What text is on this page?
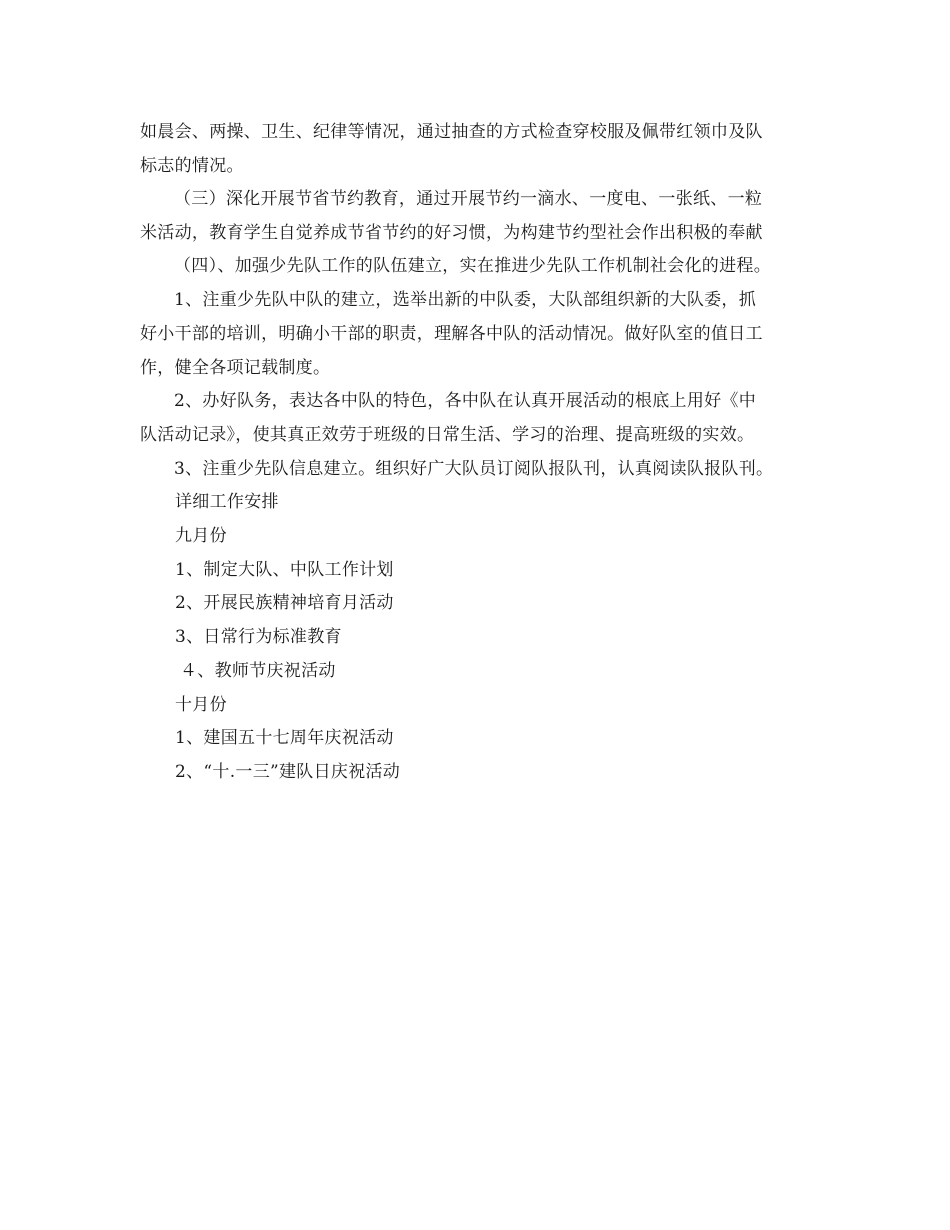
如晨会、两操、卫生、纪律等情况，通过抽查的方式检查穿校服及佩带红领巾及队
标志的情况。
（三）深化开展节省节约教育，通过开展节约一滴水、一度电、一张纸、一粒
米活动，教育学生自觉养成节省节约的好习惯，为构建节约型社会作出积极的奉献
（四）、加强少先队工作的队伍建立，实在推进少先队工作机制社会化的进程。
1、注重少先队中队的建立，选举出新的中队委，大队部组织新的大队委，抓
好小干部的培训，明确小干部的职责，理解各中队的活动情况。做好队室的值日工
作，健全各项记载制度。
2、办好队务，表达各中队的特色，各中队在认真开展活动的根底上用好《中
队活动记录》，使其真正效劳于班级的日常生活、学习的治理、提高班级的实效。
3、注重少先队信息建立。组织好广大队员订阅队报队刊，认真阅读队报队刊。
详细工作安排
九月份
1、制定大队、中队工作计划
2、开展民族精神培育月活动
3、日常行为标准教育
４、教师节庆祝活动
十月份
1、建国五十七周年庆祝活动
2、“十.一三”建队日庆祝活动
